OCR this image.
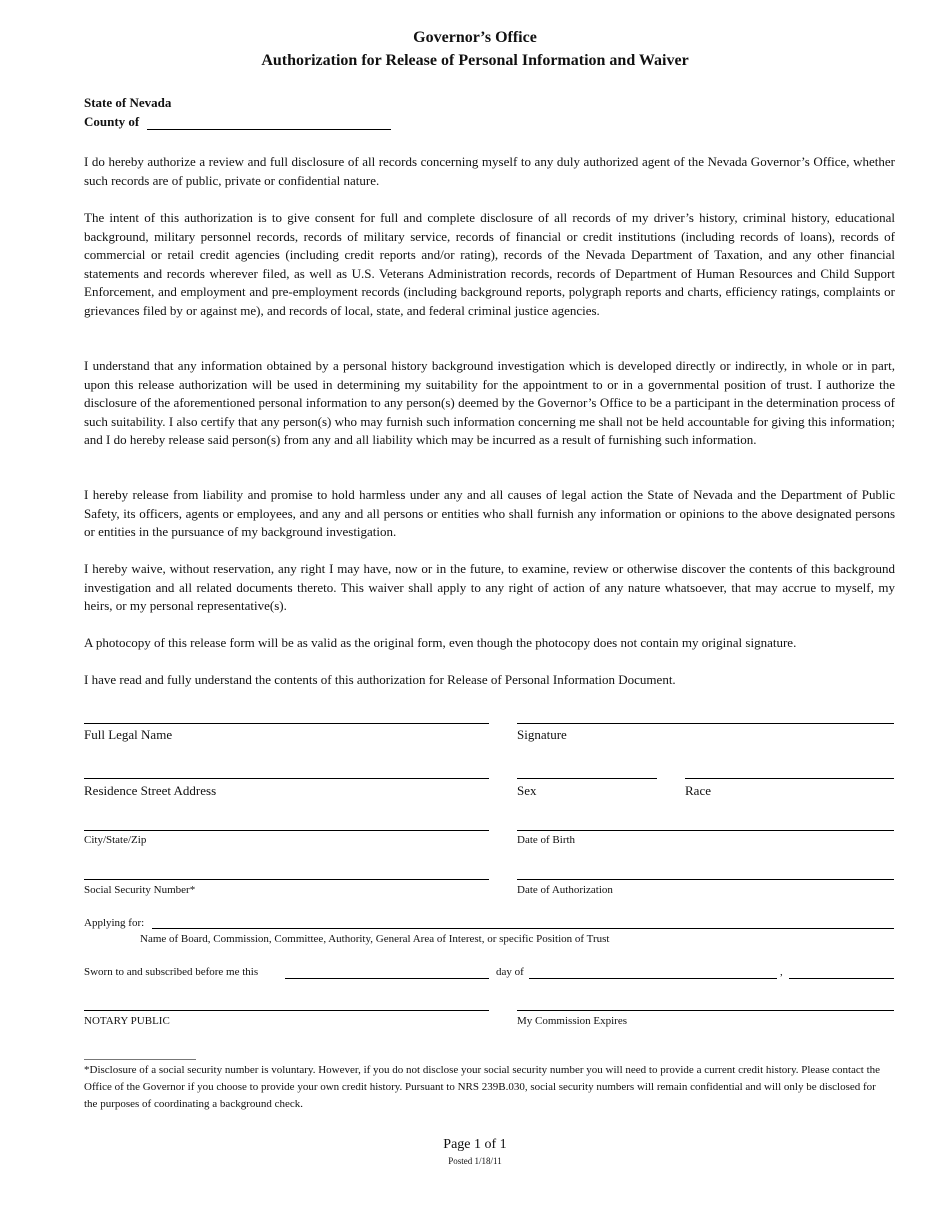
Governor’s Office
Authorization for Release of Personal Information and Waiver
State of Nevada
County of

I do hereby authorize a review and full disclosure of all records concerning myself to any duly authorized agent of the Nevada Governor’s Office, whether such records are of public, private or confidential nature.

The intent of this authorization is to give consent for full and complete disclosure of all records of my driver’s history, criminal history, educational background, military personnel records, records of military service, records of financial or credit institutions (including records of loans), records of commercial or retail credit agencies (including credit reports and/or rating), records of the Nevada Department of Taxation, and any other financial statements and records wherever filed, as well as U.S. Veterans Administration records, records of Department of Human Resources and Child Support Enforcement, and employment and pre-employment records (including background reports, polygraph reports and charts, efficiency ratings, complaints or grievances filed by or against me), and records of local, state, and federal criminal justice agencies.

I understand that any information obtained by a personal history background investigation which is developed directly or indirectly, in whole or in part, upon this release authorization will be used in determining my suitability for the appointment to or in a governmental position of trust. I authorize the disclosure of the aforementioned personal information to any person(s) deemed by the Governor’s Office to be a participant in the determination process of such suitability. I also certify that any person(s) who may furnish such information concerning me shall not be held accountable for giving this information; and I do hereby release said person(s) from any and all liability which may be incurred as a result of furnishing such information.

I hereby release from liability and promise to hold harmless under any and all causes of legal action the State of Nevada and the Department of Public Safety, its officers, agents or employees, and any and all persons or entities who shall furnish any information or opinions to the above designated persons or entities in the pursuance of my background investigation.

I hereby waive, without reservation, any right I may have, now or in the future, to examine, review or otherwise discover the contents of this background investigation and all related documents thereto. This waiver shall apply to any right of action of any nature whatsoever, that may accrue to myself, my heirs, or my personal representative(s).

A photocopy of this release form will be as valid as the original form, even though the photocopy does not contain my original signature.

I have read and fully understand the contents of this authorization for Release of Personal Information Document.

Full Legal Name	Signature
Residence Street Address	Sex	Race
City/State/Zip	Date of Birth
Social Security Number*	Date of Authorization
Applying for:
Name of Board, Commission, Committee, Authority, General Area of Interest, or specific Position of Trust
Sworn to and subscribed before me this	day of	,
NOTARY PUBLIC	My Commission Expires

*Disclosure of a social security number is voluntary. However, if you do not disclose your social security number you will need to provide a current credit history. Please contact the Office of the Governor if you choose to provide your own credit history. Pursuant to NRS 239B.030, social security numbers will remain confidential and will only be disclosed for the purposes of coordinating a background check.

Page 1 of 1
Posted 1/18/11
